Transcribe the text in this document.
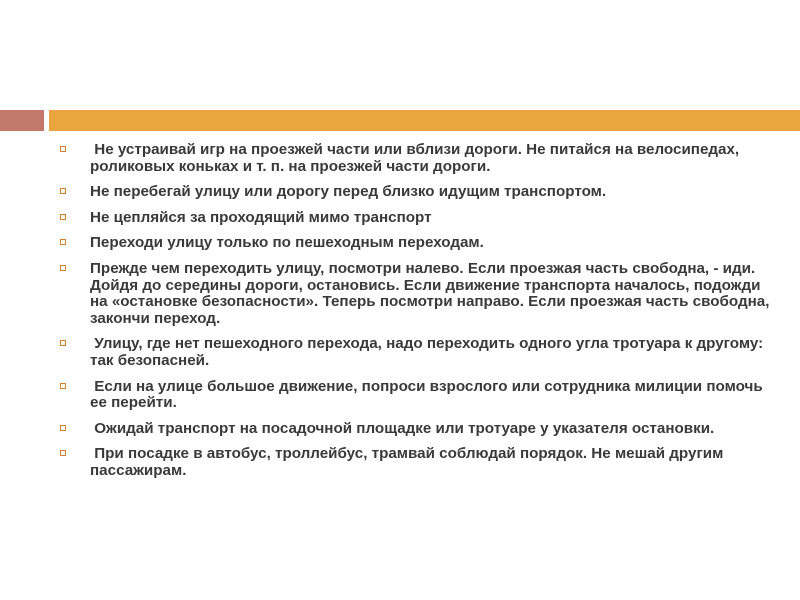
Не устраивай игр на проезжей части или вблизи дороги. Не питайся на велосипедах, роликовых коньках и т. п. на проезжей части дороги.
Не перебегай улицу или дорогу перед близко идущим транспортом.
Не цепляйся за проходящий мимо транспорт
Переходи улицу только по пешеходным переходам.
Прежде чем переходить улицу, посмотри налево. Если проезжая часть свободна, - иди. Дойдя до середины дороги, остановись. Если движение транспорта началось, подожди на «остановке безопасности». Теперь посмотри направо. Если проезжая часть свободна, закончи переход.
Улицу, где нет пешеходного перехода, надо переходить одного угла тротуара к другому: так безопасней.
Если на улице большое движение, попроси взрослого или сотрудника милиции помочь ее перейти.
Ожидай транспорт на посадочной площадке или тротуаре у указателя остановки.
При посадке в автобус, троллейбус, трамвай соблюдай порядок. Не мешай другим пассажирам.
